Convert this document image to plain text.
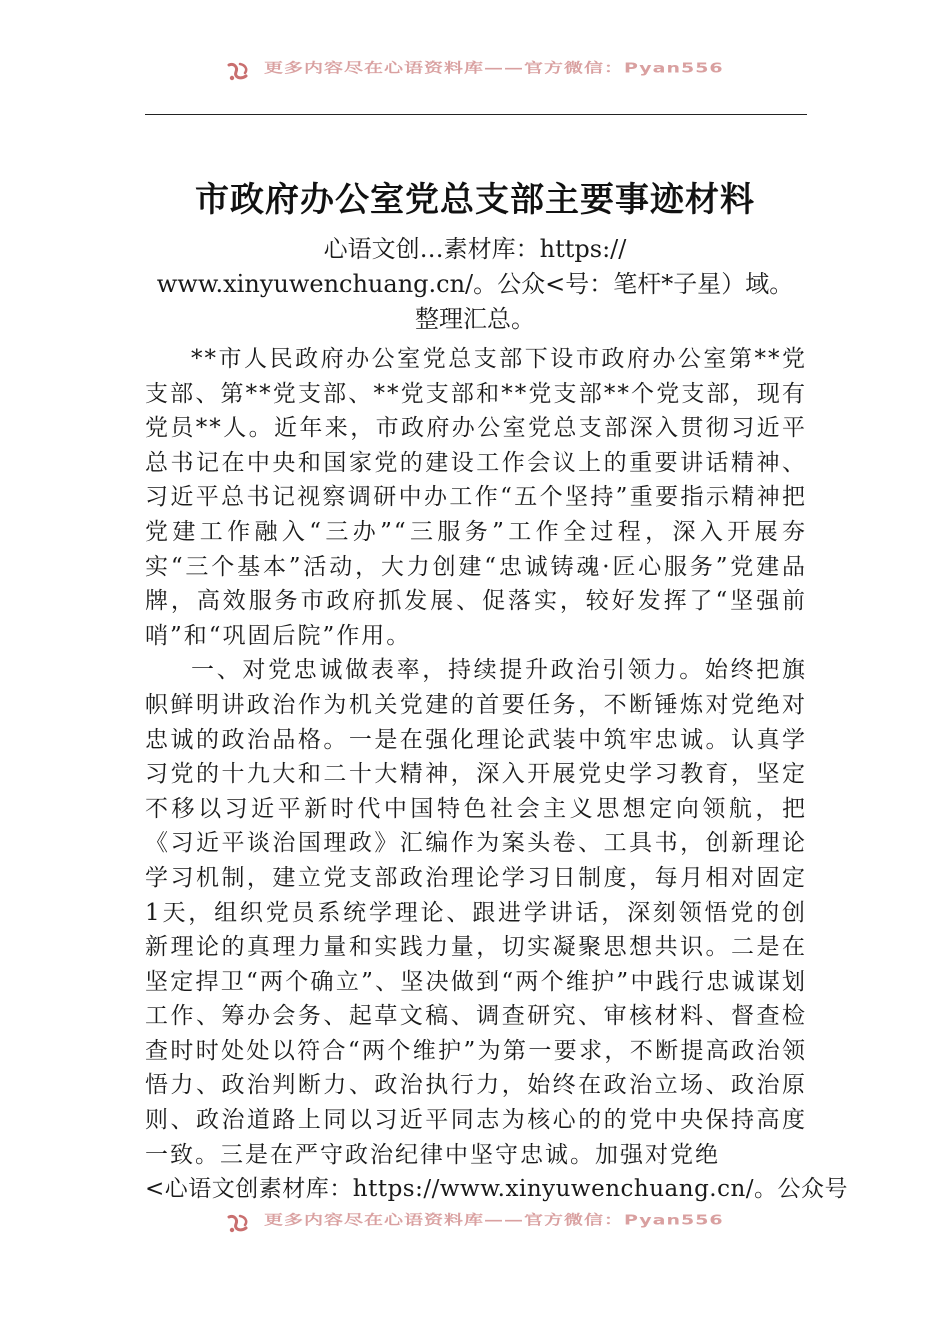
更多内容尽在心语资料库——官方微信：Pyan556
市政府办公室党总支部主要事迹材料
心语文创…素材库：https://
www.xinyuwenchuang.cn/。公众<号：笔杆*子星）域。
整理汇总。

**市人民政府办公室党总支部下设市政府办公室第**党支部、第**党支部、**党支部和**党支部**个党支部，现有党员**人。近年来，市政府办公室党总支部深入贯彻习近平总书记在中央和国家党的建设工作会议上的重要讲话精神、习近平总书记视察调研中办工作“五个坚持”重要指示精神把党建工作融入“三办”“三服务”工作全过程，深入开展夯实“三个基本”活动，大力创建“忠诚铸魂·匠心服务”党建品牌，高效服务市政府抓发展、促落实，较好发挥了“坚强前哨”和“巩固后院”作用。

一、对党忠诚做表率，持续提升政治引领力。始终把旗帜鲜明讲政治作为机关党建的首要任务，不断锤炼对党绝对忠诚的政治品格。一是在强化理论武装中筑牢忠诚。认真学习党的十九大和二十大精神，深入开展党史学习教育，坚定不移以习近平新时代中国特色社会主义思想定向领航，把《习近平谈治国理政》汇编作为案头卷、工具书，创新理论学习机制，建立党支部政治理论学习日制度，每月相对固定1天，组织党员系统学理论、跟进学讲话，深刻领悟党的创新理论的真理力量和实践力量，切实凝聚思想共识。二是在坚定捍卫“两个确立”、坚决做到“两个维护”中践行忠诚谋划工作、筹办会务、起草文稿、调查研究、审核材料、督查检查时时处处以符合“两个维护”为第一要求，不断提高政治领悟力、政治判断力、政治执行力，始终在政治立场、政治原则、政治道路上同以习近平同志为核心的的党中央保持高度一致。三是在严守政治纪律中坚守忠诚。加强对党绝

<心语文创素材库：https://www.xinyuwenchuang.cn/。公众号

更多内容尽在心语资料库——官方微信：Pyan556
